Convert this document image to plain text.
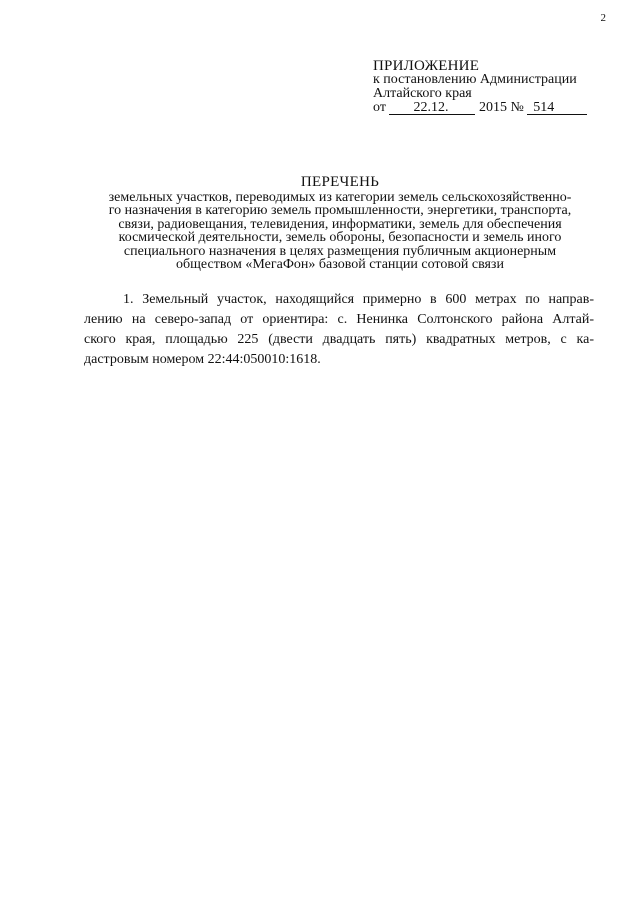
2
ПРИЛОЖЕНИЕ
к постановлению Администрации
Алтайского края
от 22.12. 2015 № 514
ПЕРЕЧЕНЬ
земельных участков, переводимых из категории земель сельскохозяйственно-
го назначения в категорию земель промышленности, энергетики, транспорта,
связи, радиовещания, телевидения, информатики, земель для обеспечения
космической деятельности, земель обороны, безопасности и земель иного
специального назначения в целях размещения публичным акционерным
обществом «МегаФон» базовой станции сотовой связи
1. Земельный участок, находящийся примерно в 600 метрах по направ-
лению на северо-запад от ориентира: с. Ненинка Солтонского района Алтай-
ского края, площадью 225 (двести двадцать пять) квадратных метров, с ка-
дастровым номером 22:44:050010:1618.
